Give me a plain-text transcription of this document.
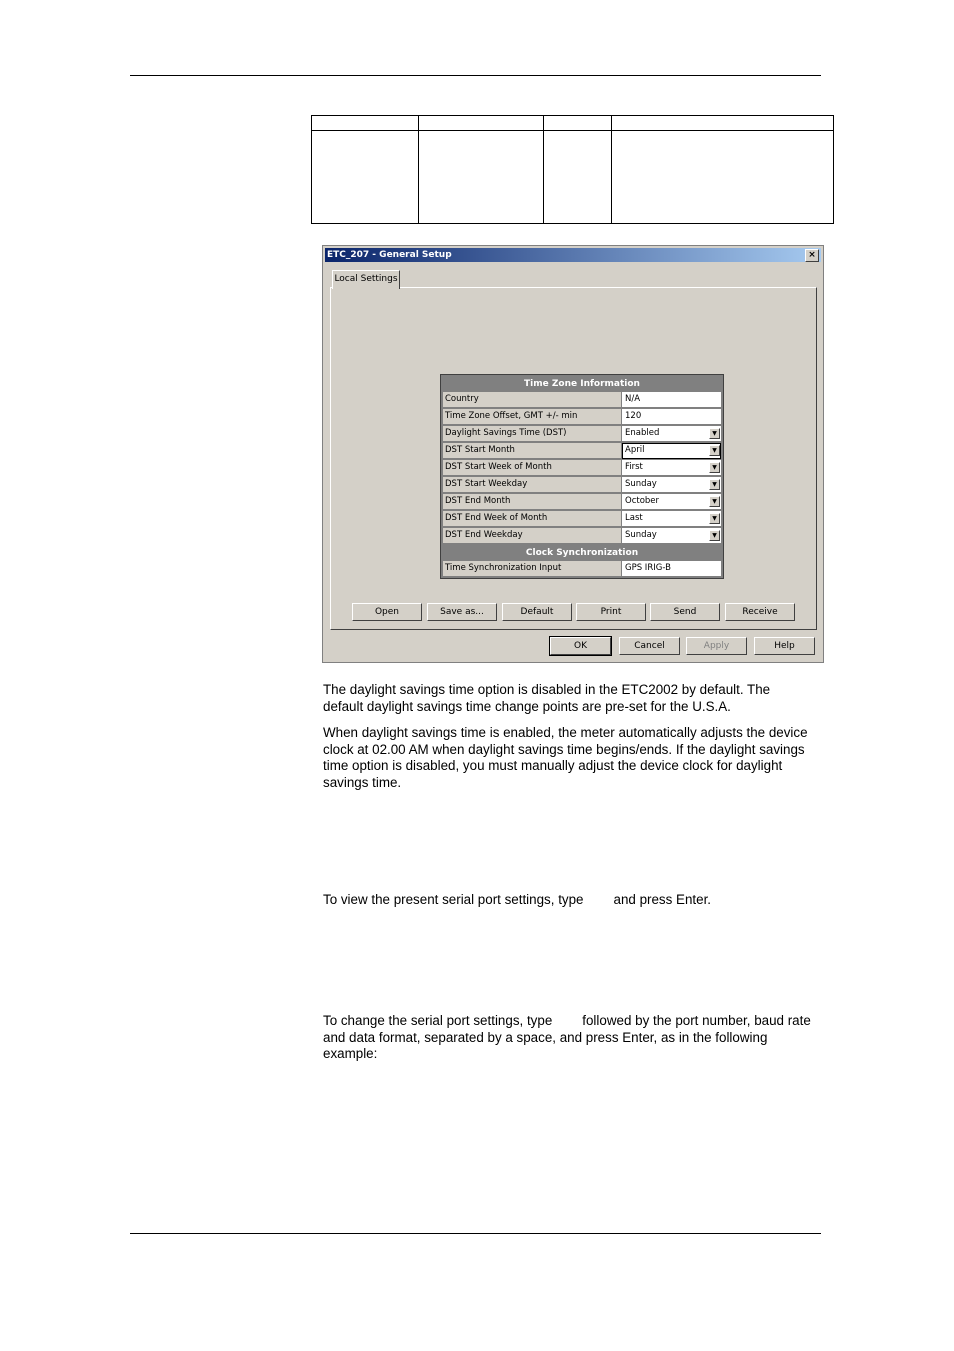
ETC_207 - General Setup	×
Local Settings
Time Zone Information
Country	N/A
Time Zone Offset, GMT +/- min	120
Daylight Savings Time (DST)	Enabled	▼
DST Start Month	April	▼
DST Start Week of Month	First	▼
DST Start Weekday	Sunday	▼
DST End Month	October	▼
DST End Week of Month	Last	▼
DST End Weekday	Sunday	▼
Clock Synchronization
Time Synchronization Input	GPS IRIG-B
Open	Save as...	Default	Print	Send	Receive
OK	Cancel	Apply	Help
The daylight savings time option is disabled in the ETC2002 by default. The default daylight savings time change points are pre-set for the U.S.A.
When daylight savings time is enabled, the meter automatically adjusts the device clock at 02.00 AM when daylight savings time begins/ends. If the daylight savings time option is disabled, you must manually adjust the device clock for daylight savings time.
To view the present serial port settings, type and press Enter.
To change the serial port settings, type followed by the port number, baud rate and data format, separated by a space, and press Enter, as in the following example:
